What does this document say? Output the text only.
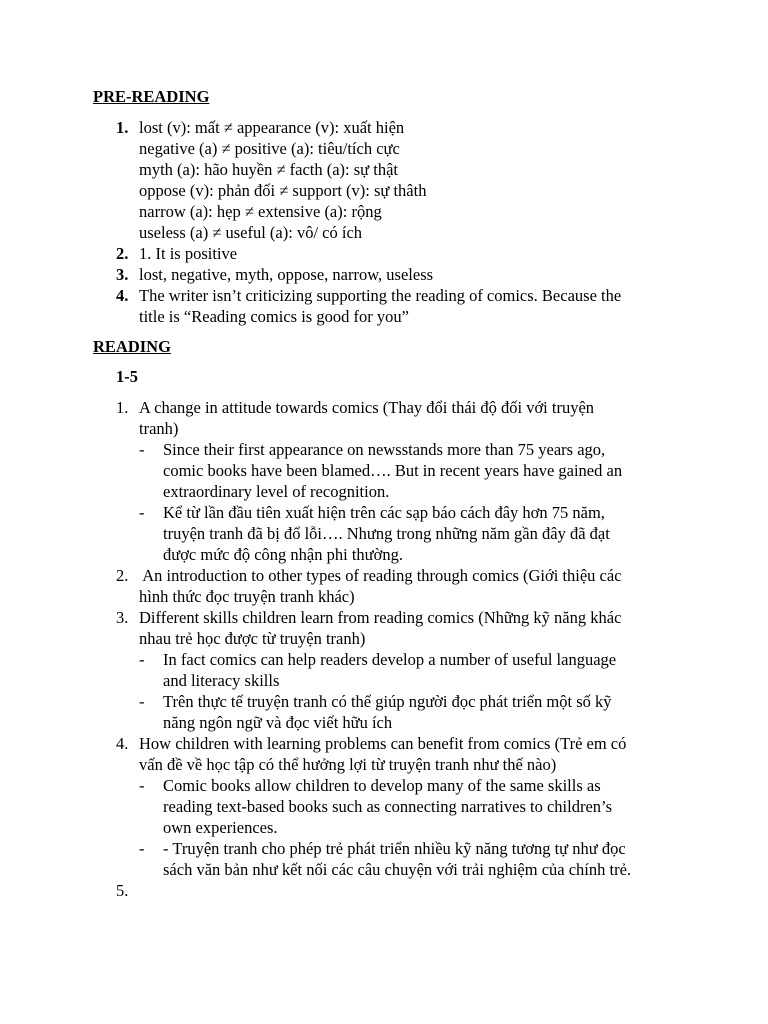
PRE-READING
1. lost (v): mất ≠ appearance (v): xuất hiện
negative (a) ≠ positive (a): tiêu/tích cực
myth (a): hão huyền ≠ facth (a): sự thật
oppose (v): phản đối ≠ support (v): sự thâth
narrow (a): hẹp ≠ extensive (a): rộng
useless (a) ≠ useful (a): vô/ có ích
2. 1. It is positive
3. lost, negative, myth, oppose, narrow, useless
4. The writer isn’t criticizing supporting the reading of comics. Because the
title is “Reading comics is good for you”
READING
1-5
1. A change in attitude towards comics (Thay đổi thái độ đối với truyện
tranh)
- Since their first appearance on newsstands more than 75 years ago,
comic books have been blamed…. But in recent years have gained an
extraordinary level of recognition.
- Kể từ lần đầu tiên xuất hiện trên các sạp báo cách đây hơn 75 năm,
truyện tranh đã bị đổ lỗi…. Nhưng trong những năm gần đây đã đạt
được mức độ công nhận phi thường.
2. An introduction to other types of reading through comics (Giới thiệu các
hình thức đọc truyện tranh khác)
3. Different skills children learn from reading comics (Những kỹ năng khác
nhau trẻ học được từ truyện tranh)
- In fact comics can help readers develop a number of useful language
and literacy skills
- Trên thực tế truyện tranh có thể giúp người đọc phát triển một số kỹ
năng ngôn ngữ và đọc viết hữu ích
4. How children with learning problems can benefit from comics (Trẻ em có
vấn đề về học tập có thể hưởng lợi từ truyện tranh như thế nào)
- Comic books allow children to develop many of the same skills as
reading text-based books such as connecting narratives to children’s
own experiences.
- - Truyện tranh cho phép trẻ phát triển nhiều kỹ năng tương tự như đọc
sách văn bản như kết nối các câu chuyện với trải nghiệm của chính trẻ.
5.
